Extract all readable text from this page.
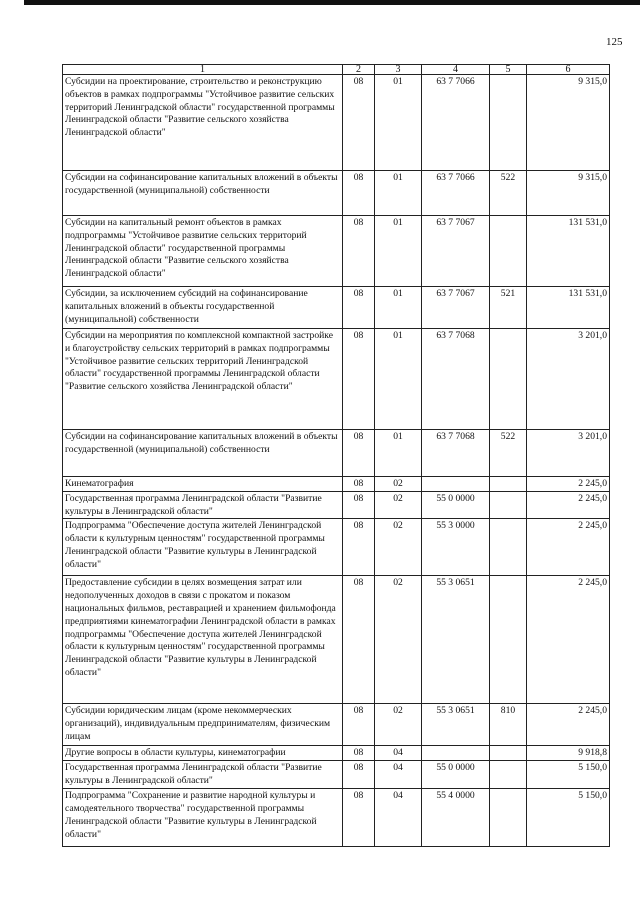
125
1	2	3	4	5	6
Субсидии на проектирование, строительство и реконструкцию объектов в рамках подпрограммы "Устойчивое развитие сельских территорий Ленинградской области" государственной программы Ленинградской области "Развитие сельского хозяйства Ленинградской области"	08	01	63 7 7066		9 315,0
Субсидии на софинансирование капитальных вложений в объекты государственной (муниципальной) собственности	08	01	63 7 7066	522	9 315,0
Субсидии на капитальный ремонт объектов в рамках подпрограммы "Устойчивое развитие сельских территорий Ленинградской области" государственной программы Ленинградской области "Развитие сельского хозяйства Ленинградской области"	08	01	63 7 7067		131 531,0
Субсидии, за исключением субсидий на софинансирование капитальных вложений в объекты государственной (муниципальной) собственности	08	01	63 7 7067	521	131 531,0
Субсидии на мероприятия по комплексной компактной застройке и благоустройству сельских территорий в рамках подпрограммы "Устойчивое развитие сельских территорий Ленинградской области" государственной программы Ленинградской области "Развитие сельского хозяйства Ленинградской области"	08	01	63 7 7068		3 201,0
Субсидии на софинансирование капитальных вложений в объекты государственной (муниципальной) собственности	08	01	63 7 7068	522	3 201,0
Кинематография	08	02			2 245,0
Государственная программа Ленинградской области "Развитие культуры в Ленинградской области"	08	02	55 0 0000		2 245,0
Подпрограмма "Обеспечение доступа жителей Ленинградской области к культурным ценностям" государственной программы Ленинградской области "Развитие культуры в Ленинградской области"	08	02	55 3 0000		2 245,0
Предоставление субсидии в целях возмещения затрат или недополученных доходов в связи с прокатом и показом национальных фильмов, реставрацией и хранением фильмофонда предприятиями кинематографии Ленинградской области в рамках подпрограммы "Обеспечение доступа жителей Ленинградской области к культурным ценностям" государственной программы Ленинградской области "Развитие культуры в Ленинградской области"	08	02	55 3 0651		2 245,0
Субсидии юридическим лицам (кроме некоммерческих организаций), индивидуальным предпринимателям, физическим лицам	08	02	55 3 0651	810	2 245,0
Другие вопросы в области культуры, кинематографии	08	04			9 918,8
Государственная программа Ленинградской области "Развитие культуры в Ленинградской области"	08	04	55 0 0000		5 150,0
Подпрограмма "Сохранение и развитие народной культуры и самодеятельного творчества" государственной программы Ленинградской области "Развитие культуры в Ленинградской области"	08	04	55 4 0000		5 150,0
